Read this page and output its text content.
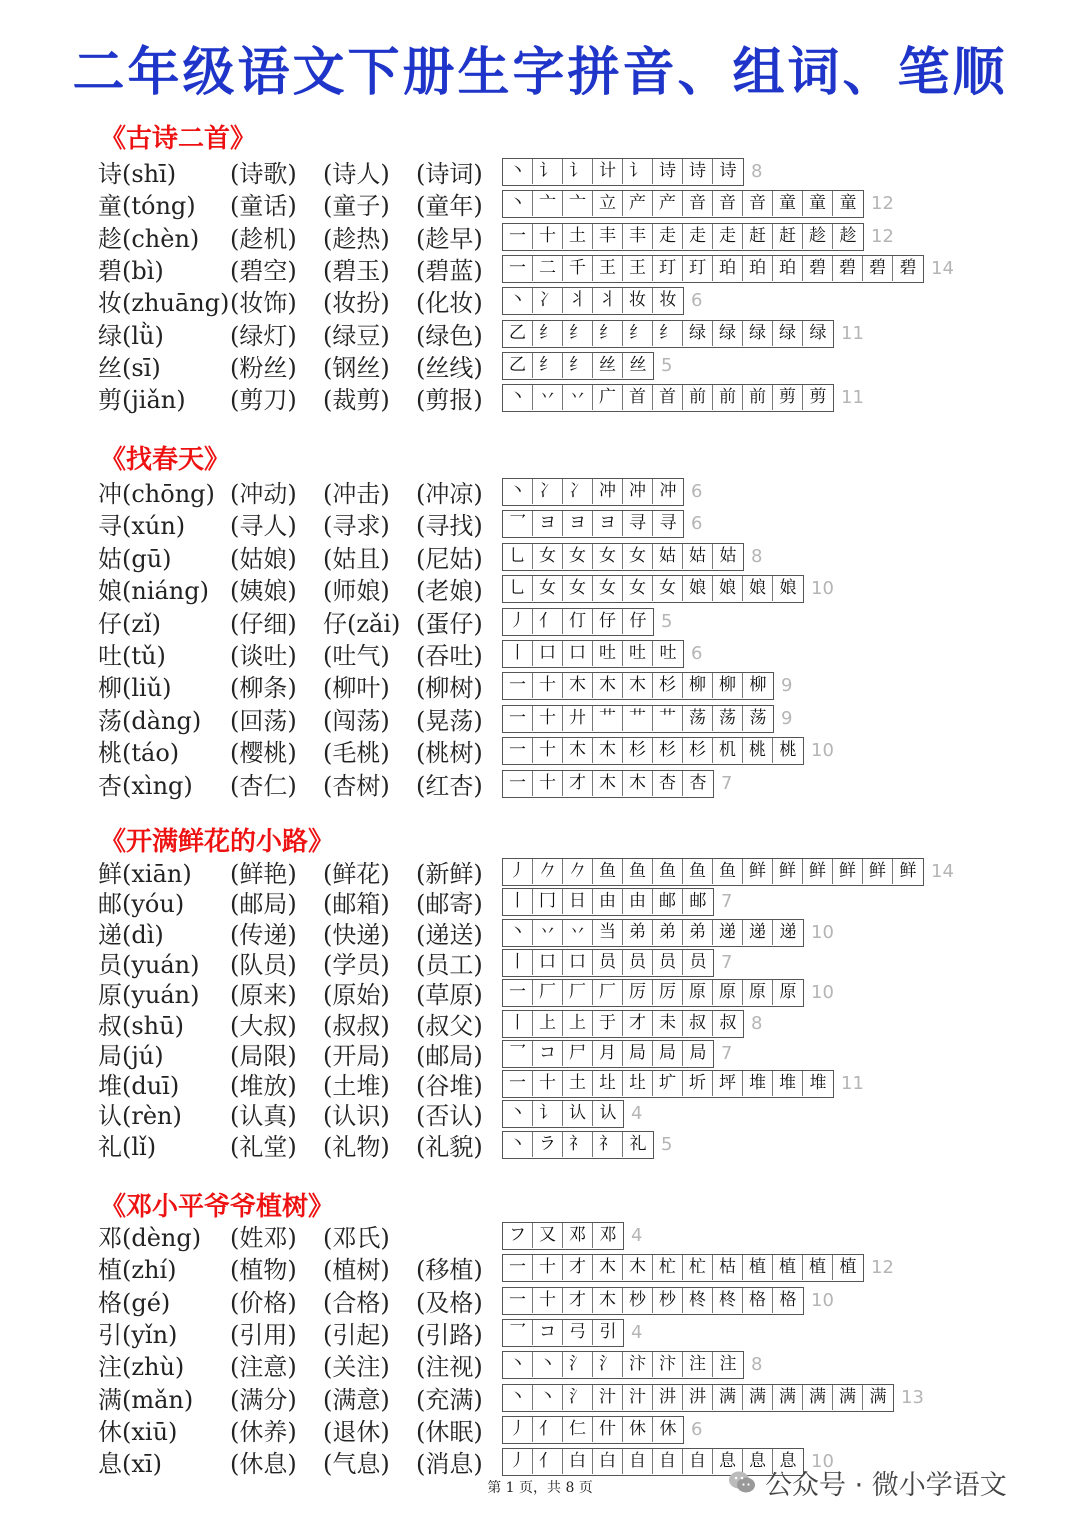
二年级语文下册生字拼音、组词、笔顺
《古诗二首》
诗(shī) (诗歌) (诗人) (诗词)	丶 讠 讠 计 讠 诗 诗 诗 8
童(tóng) (童话) (童子) (童年)	丶 亠 亠 立 产 产 音 音 音 童 童 童 12
趁(chèn) (趁机) (趁热) (趁早)	一 十 土 丰 丰 走 走 走 赶 赶 趁 趁 12
碧(bì)	(碧空) (碧玉) (碧蓝)	一 二 千 王 王 玎 玎 珀 珀 珀 碧 碧 碧 碧 14
妆(zhuāng) (妆饰) (妆扮) (化妆)	丶 冫 丬 丬 妆 妆 6
绿(lǜ)	(绿灯) (绿豆) (绿色)	乙 纟 纟 纟 纟 纟 绿 绿 绿 绿 绿 11
丝(sī)	(粉丝) (钢丝) (丝线)	乙 纟 纟 丝 丝 5
剪(jiǎn) (剪刀) (裁剪) (剪报)	丶 丷 丷 广 首 首 前 前 前 剪 剪 11
《找春天》
冲(chōng) (冲动) (冲击) (冲凉)	丶 冫 冫 冲 冲 冲 6
寻(xún) (寻人) (寻求) (寻找)	乛 ヨ ヨ ヨ 寻 寻 6
姑(gū) (姑娘) (姑且) (尼姑)	乚 女 女 女 女 姑 姑 姑 8
娘(niáng) (姨娘) (师娘) (老娘)	乚 女 女 女 女 女 娘 娘 娘 娘 10
仔(zǐ)	(仔细) 仔(zǎi) (蛋仔)	丿 亻 仃 仔 仔 5
吐(tǔ)	(谈吐) (吐气) (吞吐)	丨 口 口 吐 吐 吐 6
柳(liǔ) (柳条) (柳叶) (柳树)	一 十 木 木 木 杉 柳 柳 柳 9
荡(dàng) (回荡) (闯荡) (晃荡)	一 十 廾 艹 艹 艹 荡 荡 荡 9
桃(táo) (樱桃) (毛桃) (桃树)	一 十 木 木 杉 杉 杉 机 桃 桃 10
杏(xìng) (杏仁) (杏树) (红杏)	一 十 才 木 木 杏 杏 7
《开满鲜花的小路》
鲜(xiān) (鲜艳) (鲜花) (新鲜)	丿 𠂊 𠂊 鱼 鱼 鱼 鱼 鱼 鲜 鲜 鲜 鲜 鲜 鲜 14
邮(yóu) (邮局) (邮箱) (邮寄)	丨 冂 日 由 由 邮 邮 7
递(dì)	(传递) (快递) (递送)	丶 丷 丷 当 弟 弟 弟 递 递 递 10
员(yuán) (队员) (学员) (员工)	丨 口 口 员 员 员 员 7
原(yuán) (原来) (原始) (草原)	一 厂 厂 厂 厉 厉 原 原 原 原 10
叔(shū) (大叔) (叔叔) (叔父)	丨 上 上 于 才 未 叔 叔 8
局(jú)	(局限) (开局) (邮局)	乛 コ 尸 月 局 局 局 7
堆(duī) (堆放) (土堆) (谷堆)	一 十 土 圵 圵 圹 圻 坪 堆 堆 堆 11
认(rèn) (认真) (认识) (否认)	丶 讠 认 认 4
礼(lǐ)	(礼堂) (礼物) (礼貌)	丶 ラ 礻 礻 礼 5
《邓小平爷爷植树》
邓(dèng) (姓邓) (邓氏)	フ 又 邓 邓 4
植(zhí) (植物) (植树) (移植)	一 十 才 木 木 杧 杧 枯 植 植 植 植 12
格(gé) (价格) (合格) (及格)	一 十 才 木 杪 杪 柊 柊 格 格 10
引(yǐn) (引用) (引起) (引路)	乛 コ 弓 引 4
注(zhù) (注意) (关注) (注视)	丶 丶 氵 氵 汴 汴 注 注 8
满(mǎn) (满分) (满意) (充满)	丶 丶 氵 汁 汁 汫 汫 满 满 满 满 满 满 13
休(xiū) (休养) (退休) (休眠)	丿 亻 仁 什 休 休 6
息(xī)	(休息) (气息) (消息)	丿 亻 白 白 自 自 自 息 息 息 10
第 1 页，共 8 页	公众号 · 微小学语文
